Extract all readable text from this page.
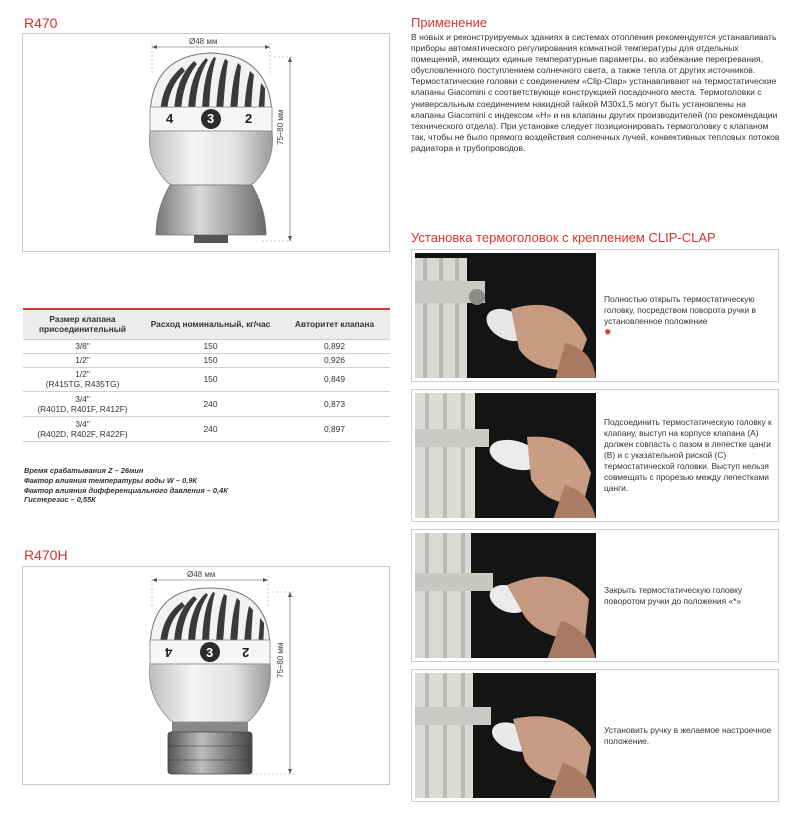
R470
Ø48 мм
75÷80 мм
4	3 2
Размер клапана присоединительный	Расход номинальный, кг/час	Авторитет клапана
3/8"	150	0,892
1/2"	150	0,926
1/2"
(R415TG, R435TG)	150	0,849
3/4"
(R401D, R401F, R412F)	240	0,873
3/4"
(R402D, R402F, R422F)	240	0,897
Время срабатывания Z – 26мин
Фактор влияния температуры воды W – 0,9К
Фактор влияния дифференциального давления – 0,4К
Гистерезис – 0,55К
R470H
Ø48 мм
75÷80 мм
4	3 2
Применение

В новых и реконструируемых зданиях в системах отопления рекомендуется устанавливать приборы автоматического регулирования комнатной температуры для отдельных помещений, имеющих единые температурные параметры, во избежание перегревания, обусловленного поступлением солнечного света, а также тепла от других источников.

Термостатические головки с соединением «Clip-Clap» устанавливают на термостатические клапаны Giacomini с соответствующе конструкцией посадочного места. Термоголовки с универсальным соединением накидной гайкой М30х1,5 могут быть установлены на клапаны Giacomini с индексом «H» и на клапаны других производителей (по рекомендации технического отдела). При установке следует позиционировать термоголовку с клапаном так, чтобы не было прямого воздействия солнечных лучей, конвективных тепловых потоков радиатора и трубопроводов.

Установка термоголовок с креплением CLIP-CLAP
Полностью открыть термостатическую головку, посредством поворота ручки в установленное положение
✹
Подсоединить термостатическую головку к клапану, выступ на корпусе клапана (А) должен совпасть с пазом в лепестке цанги (В) и с указательной риской (С) термостатической головки. Выступ нельзя совмещать с прорезью между лепестками цанги.
Закрыть термостатическую головку поворотом ручки до положения «*»
Установить ручку в желаемое настроечное положение.
